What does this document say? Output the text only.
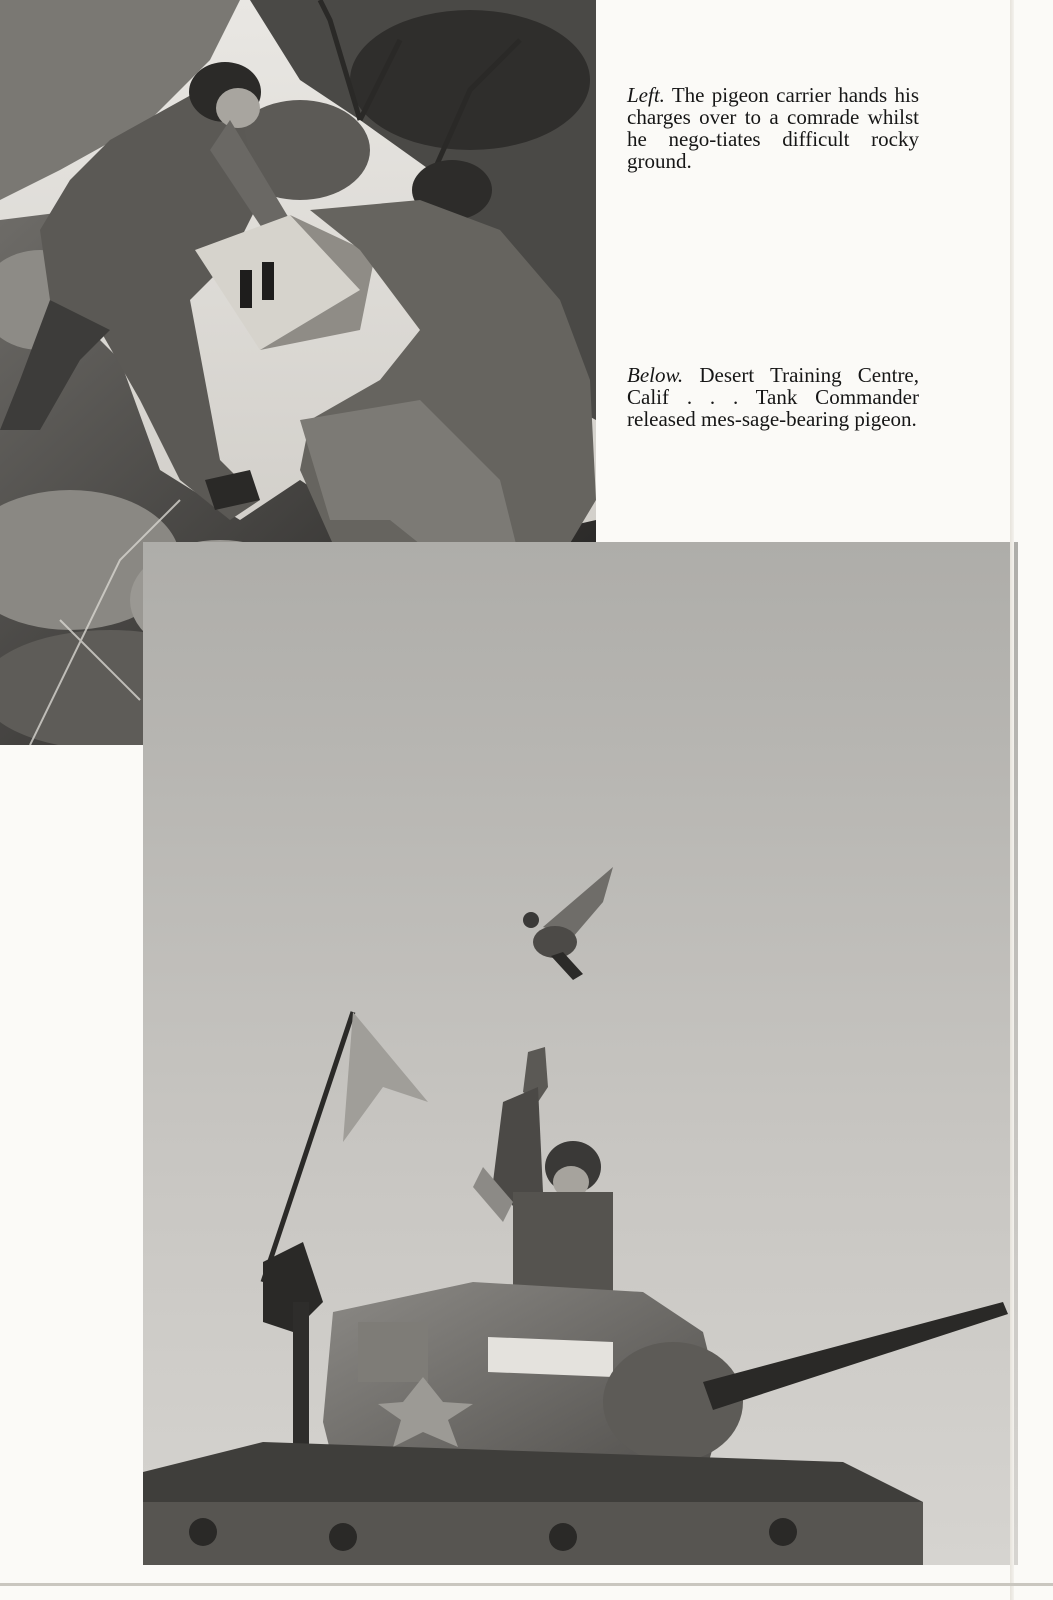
Left. The pigeon carrier hands his charges over to a comrade whilst he nego-tiates difficult rocky ground.
Below. Desert Training Centre, Calif . . . Tank Commander released mes-sage-bearing pigeon.
